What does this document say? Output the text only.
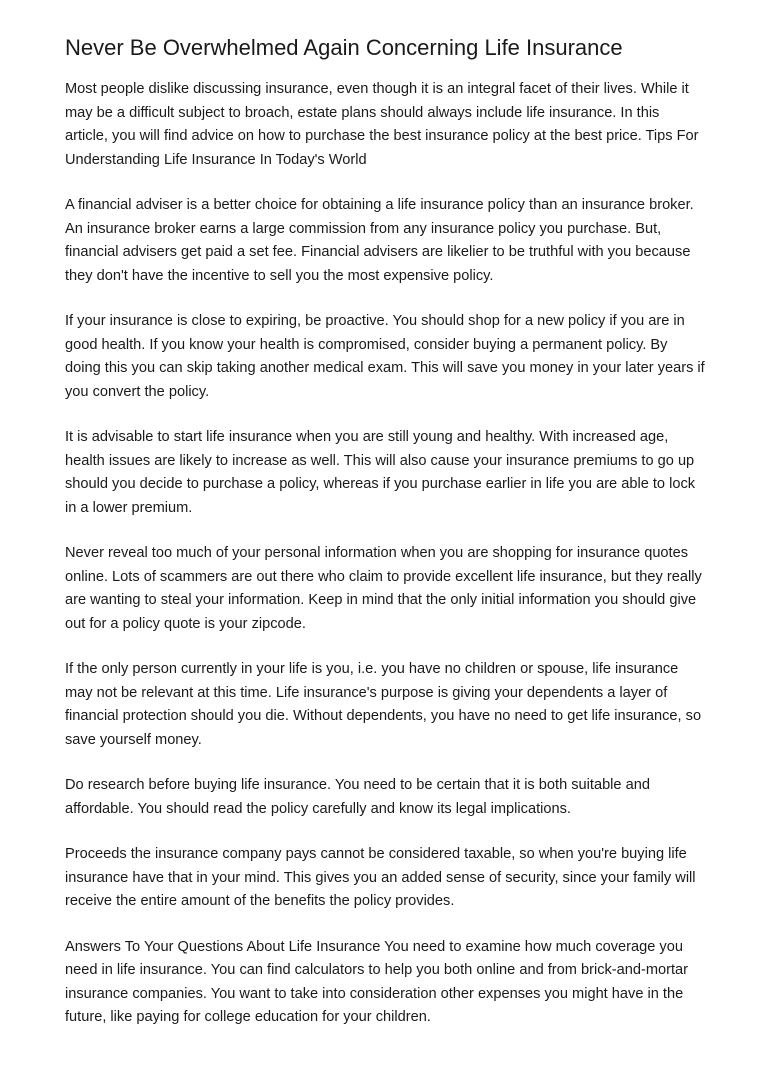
Never Be Overwhelmed Again Concerning Life Insurance

Most people dislike discussing insurance, even though it is an integral facet of their lives. While it may be a difficult subject to broach, estate plans should always include life insurance. In this article, you will find advice on how to purchase the best insurance policy at the best price. Tips For Understanding Life Insurance In Today's World

A financial adviser is a better choice for obtaining a life insurance policy than an insurance broker. An insurance broker earns a large commission from any insurance policy you purchase. But, financial advisers get paid a set fee. Financial advisers are likelier to be truthful with you because they don't have the incentive to sell you the most expensive policy.

If your insurance is close to expiring, be proactive. You should shop for a new policy if you are in good health. If you know your health is compromised, consider buying a permanent policy. By doing this you can skip taking another medical exam. This will save you money in your later years if you convert the policy.

It is advisable to start life insurance when you are still young and healthy. With increased age, health issues are likely to increase as well. This will also cause your insurance premiums to go up should you decide to purchase a policy, whereas if you purchase earlier in life you are able to lock in a lower premium.

Never reveal too much of your personal information when you are shopping for insurance quotes online. Lots of scammers are out there who claim to provide excellent life insurance, but they really are wanting to steal your information. Keep in mind that the only initial information you should give out for a policy quote is your zipcode.

If the only person currently in your life is you, i.e. you have no children or spouse, life insurance may not be relevant at this time. Life insurance's purpose is giving your dependents a layer of financial protection should you die. Without dependents, you have no need to get life insurance, so save yourself money.

Do research before buying life insurance. You need to be certain that it is both suitable and affordable. You should read the policy carefully and know its legal implications.

Proceeds the insurance company pays cannot be considered taxable, so when you're buying life insurance have that in your mind. This gives you an added sense of security, since your family will receive the entire amount of the benefits the policy provides.

Answers To Your Questions About Life Insurance You need to examine how much coverage you need in life insurance. You can find calculators to help you both online and from brick-and-mortar insurance companies. You want to take into consideration other expenses you might have in the future, like paying for college education for your children.
